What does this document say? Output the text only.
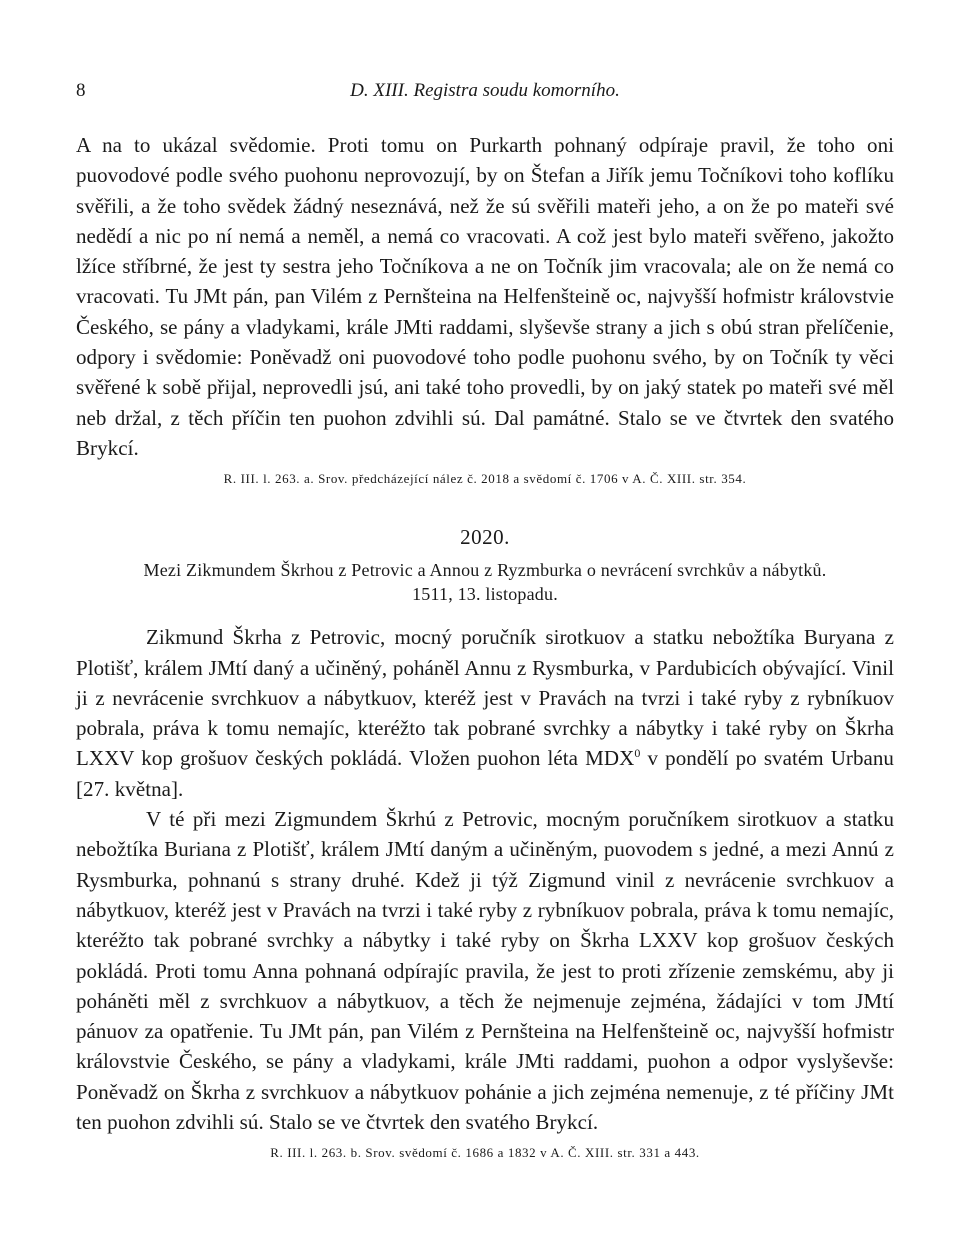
8	D. XIII. Registra soudu komorního.

A na to ukázal svědomie. Proti tomu on Purkarth pohnaný odpíraje pravil, že toho oni puovodové podle svého puohonu neprovozují, by on Štefan a Jiřík jemu Točníkovi toho koflíku svěřili, a že toho svědek žádný neseznává, než že sú svěřili mateři jeho, a on že po mateři své nedědí a nic po ní nemá a neměl, a nemá co vracovati. A což jest bylo mateři svěřeno, jakožto lžíce stříbrné, že jest ty sestra jeho Točníkova a ne on Točník jim vracovala; ale on že nemá co vracovati. Tu JMt pán, pan Vilém z Pernšteina na Helfenšteině oc, najvyšší hofmistr královstvie Českého, se pány a vladykami, krále JMti raddami, slyševše strany a jich s obú stran přelíčenie, odpory i svědomie: Poněvadž oni puovodové toho podle puohonu svého, by on Točník ty věci svěřené k sobě přijal, neprovedli jsú, ani také toho provedli, by on jaký statek po mateři své měl neb držal, z těch příčin ten puohon zdvihli sú. Dal památné. Stalo se ve čtvrtek den svatého Brykcí.

R. III. l. 263. a. Srov. předcházející nález č. 2018 a svědomí č. 1706 v A. Č. XIII. str. 354.

2020.
Mezi Zikmundem Škrhou z Petrovic a Annou z Ryzmburka o nevrácení svrchkův a nábytků.
1511, 13. listopadu.

Zikmund Škrha z Petrovic, mocný poručník sirotkuov a statku nebožtíka Buryana z Plotišť, králem JMtí daný a učiněný, poháněl Annu z Rysmburka, v Pardubicích obývající. Vinil ji z nevrácenie svrchkuov a nábytkuov, kteréž jest v Pravách na tvrzi i také ryby z rybníkuov pobrala, práva k tomu nemajíc, kteréžto tak pobrané svrchky a nábytky i také ryby on Škrha LXXV kop grošuov českých pokládá. Vložen puohon léta MDX$^0$ v pondělí po svatém Urbanu [27. května].

V té při mezi Zigmundem Škrhú z Petrovic, mocným poručníkem sirotkuov a statku nebožtíka Buriana z Plotišť, králem JMtí daným a učiněným, puovodem s jedné, a mezi Annú z Rysmburka, pohnanú s strany druhé. Kdež ji týž Zigmund vinil z nevrácenie svrchkuov a nábytkuov, kteréž jest v Pravách na tvrzi i také ryby z rybníkuov pobrala, práva k tomu nemajíc, kteréžto tak pobrané svrchky a nábytky i také ryby on Škrha LXXV kop grošuov českých pokládá. Proti tomu Anna pohnaná odpírajíc pravila, že jest to proti zřízenie zemskému, aby ji poháněti měl z svrchkuov a nábytkuov, a těch že nejmenuje zejména, žádajíci v tom JMtí pánuov za opatřenie. Tu JMt pán, pan Vilém z Pernšteina na Helfenšteině oc, najvyšší hofmistr královstvie Českého, se pány a vladykami, krále JMti raddami, puohon a odpor vyslyševše: Poněvadž on Škrha z svrchkuov a nábytkuov pohánie a jich zejména nemenuje, z té příčiny JMt ten puohon zdvihli sú. Stalo se ve čtvrtek den svatého Brykcí.

R. III. l. 263. b. Srov. svědomí č. 1686 a 1832 v A. Č. XIII. str. 331 a 443.
